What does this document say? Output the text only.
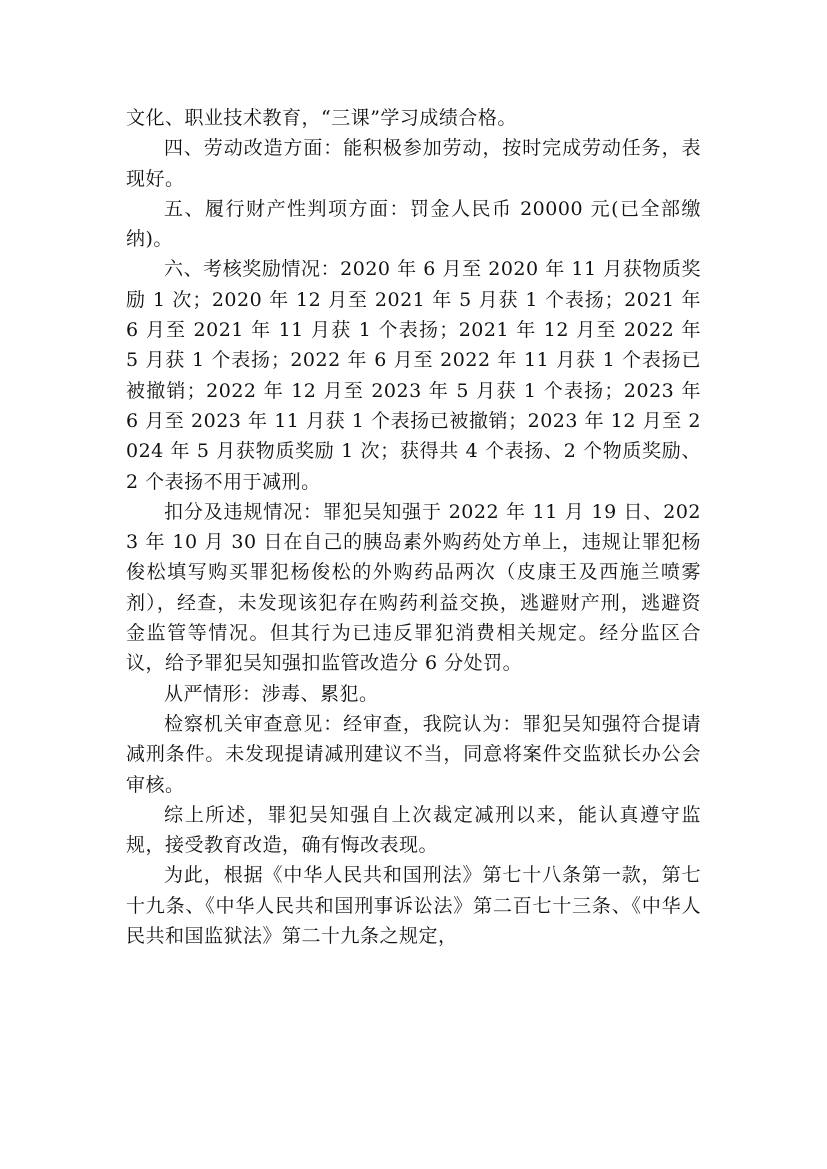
文化、职业技术教育，“三课”学习成绩合格。

四、劳动改造方面：能积极参加劳动，按时完成劳动任务，表现好。

五、履行财产性判项方面：罚金人民币 20000 元(已全部缴纳)。

六、考核奖励情况：2020 年 6 月至 2020 年 11 月获物质奖励 1 次；2020 年 12 月至 2021 年 5 月获 1 个表扬；2021 年 6 月至 2021 年 11 月获 1 个表扬；2021 年 12 月至 2022 年 5 月获 1 个表扬；2022 年 6 月至 2022 年 11 月获 1 个表扬已被撤销；2022 年 12 月至 2023 年 5 月获 1 个表扬；2023 年 6 月至 2023 年 11 月获 1 个表扬已被撤销；2023 年 12 月至 2024 年 5 月获物质奖励 1 次；获得共 4 个表扬、2 个物质奖励、2 个表扬不用于减刑。

扣分及违规情况：罪犯吴知强于 2022 年 11 月 19 日、2023 年 10 月 30 日在自己的胰岛素外购药处方单上，违规让罪犯杨俊松填写购买罪犯杨俊松的外购药品两次（皮康王及西施兰喷雾剂），经查，未发现该犯存在购药利益交换，逃避财产刑，逃避资金监管等情况。但其行为已违反罪犯消费相关规定。经分监区合议，给予罪犯吴知强扣监管改造分 6 分处罚。

从严情形：涉毒、累犯。

检察机关审查意见：经审查，我院认为：罪犯吴知强符合提请减刑条件。未发现提请减刑建议不当，同意将案件交监狱长办公会审核。

综上所述，罪犯吴知强自上次裁定减刑以来，能认真遵守监规，接受教育改造，确有悔改表现。

为此，根据《中华人民共和国刑法》第七十八条第一款，第七十九条、《中华人民共和国刑事诉讼法》第二百七十三条、《中华人民共和国监狱法》第二十九条之规定，
